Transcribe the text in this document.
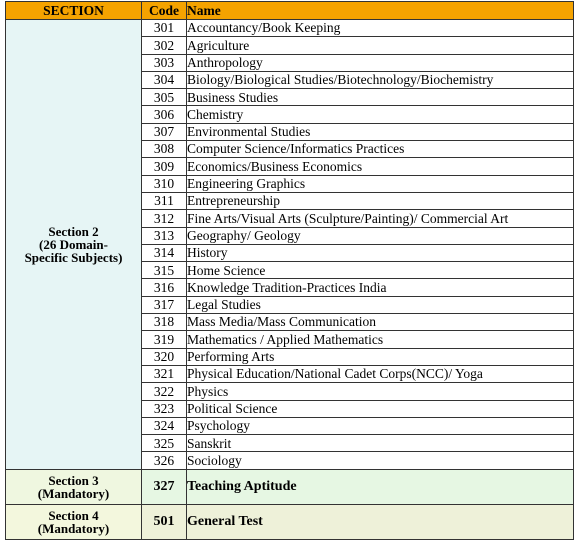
SECTION	Code	Name

Section 2
(26 Domain-
Specific Subjects)	301	Accountancy/Book Keeping
	302	Agriculture
	303	Anthropology
	304	Biology/Biological Studies/Biotechnology/Biochemistry
	305	Business Studies
	306	Chemistry
	307	Environmental Studies
	308	Computer Science/Informatics Practices
	309	Economics/Business Economics
	310	Engineering Graphics
	311	Entrepreneurship
	312	Fine Arts/Visual Arts (Sculpture/Painting)/ Commercial Art
	313	Geography/ Geology
	314	History
	315	Home Science
	316	Knowledge Tradition-Practices India
	317	Legal Studies
	318	Mass Media/Mass Communication
	319	Mathematics / Applied Mathematics
	320	Performing Arts
	321	Physical Education/National Cadet Corps(NCC)/ Yoga
	322	Physics
	323	Political Science
	324	Psychology
	325	Sanskrit
	326	Sociology

Section 3
(Mandatory)	327	Teaching Aptitude

Section 4
(Mandatory)	501	General Test
